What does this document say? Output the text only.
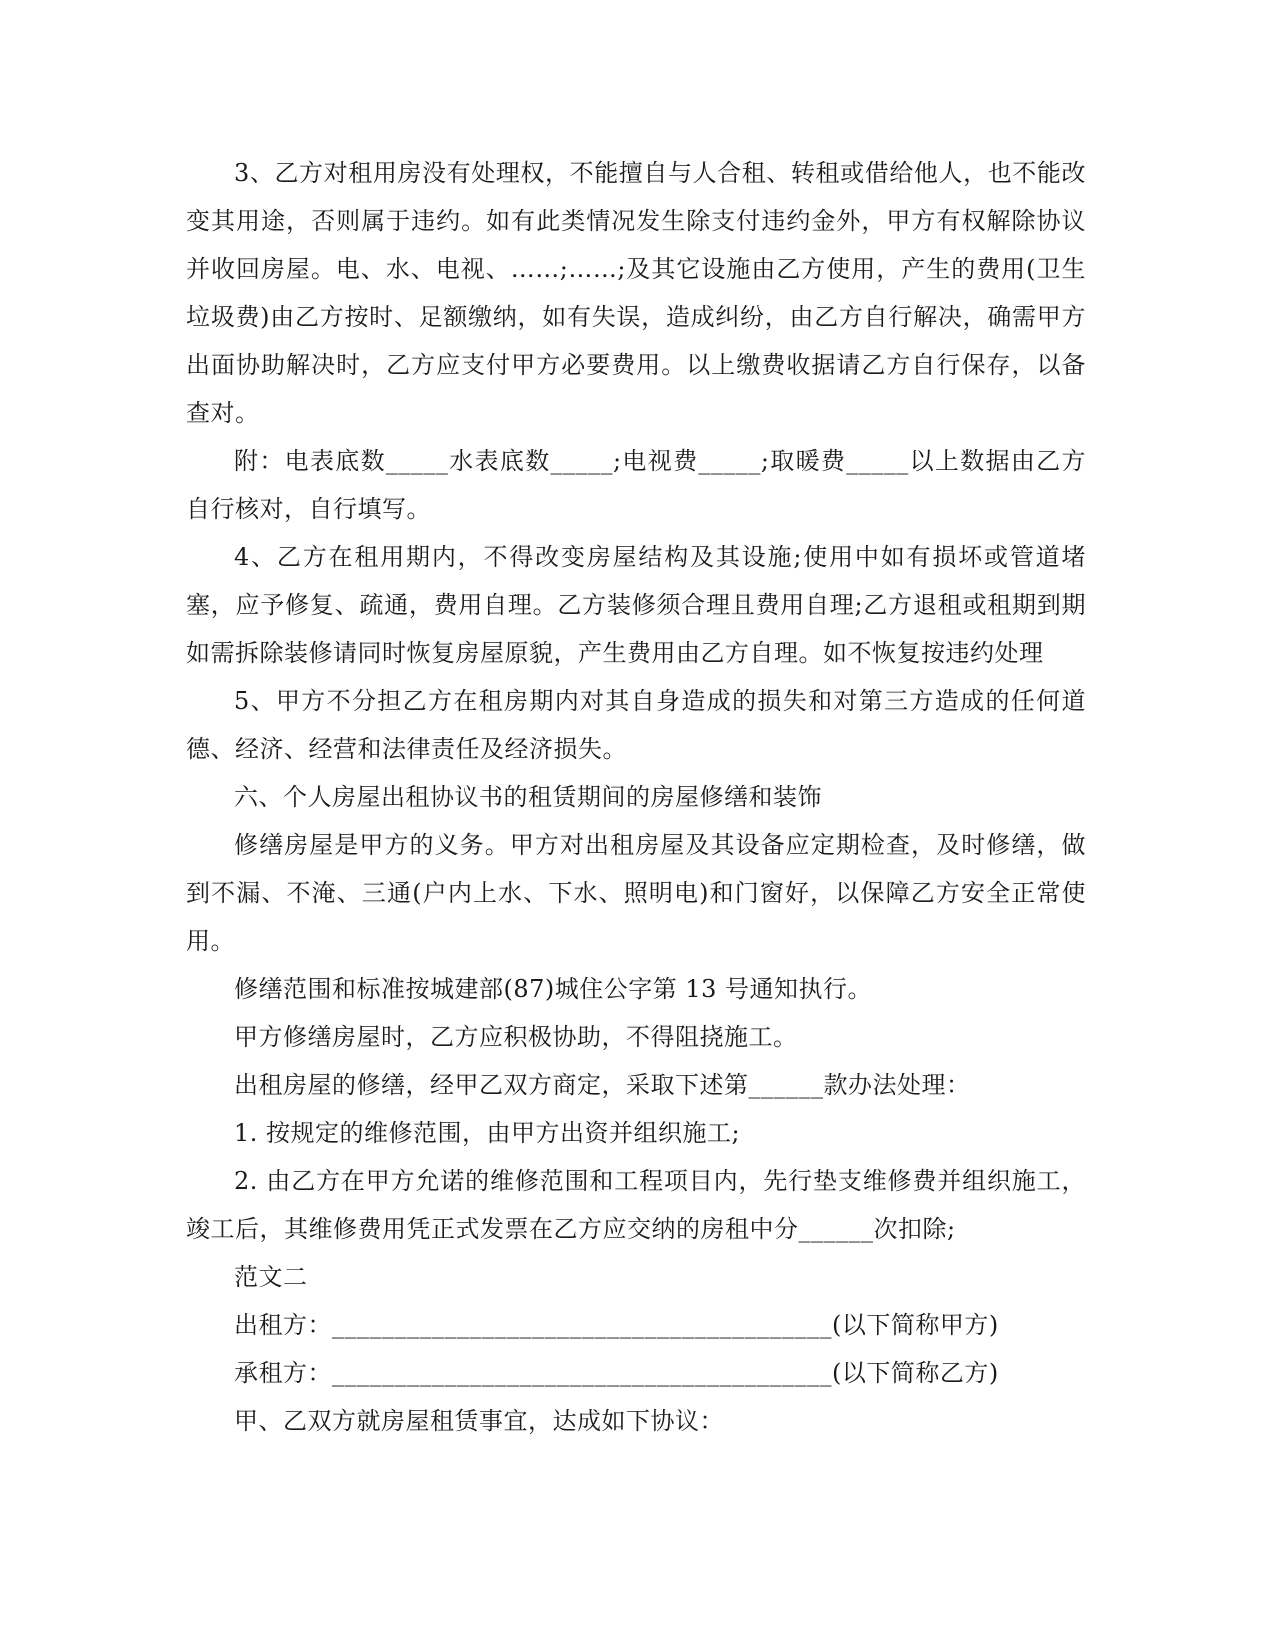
3、乙方对租用房没有处理权，不能擅自与人合租、转租或借给他人，也不能改变其用途，否则属于违约。如有此类情况发生除支付违约金外，甲方有权解除协议并收回房屋。电、水、电视、……;……;及其它设施由乙方使用，产生的费用(卫生垃圾费)由乙方按时、足额缴纳，如有失误，造成纠纷，由乙方自行解决，确需甲方出面协助解决时，乙方应支付甲方必要费用。以上缴费收据请乙方自行保存，以备查对。

附：电表底数_____水表底数_____;电视费_____;取暖费_____以上数据由乙方自行核对，自行填写。

4、乙方在租用期内，不得改变房屋结构及其设施;使用中如有损坏或管道堵塞，应予修复、疏通，费用自理。乙方装修须合理且费用自理;乙方退租或租期到期如需拆除装修请同时恢复房屋原貌，产生费用由乙方自理。如不恢复按违约处理

5、甲方不分担乙方在租房期内对其自身造成的损失和对第三方造成的任何道德、经济、经营和法律责任及经济损失。

六、个人房屋出租协议书的租赁期间的房屋修缮和装饰

修缮房屋是甲方的义务。甲方对出租房屋及其设备应定期检查，及时修缮，做到不漏、不淹、三通(户内上水、下水、照明电)和门窗好，以保障乙方安全正常使用。

修缮范围和标准按城建部(87)城住公字第 13 号通知执行。

甲方修缮房屋时，乙方应积极协助，不得阻挠施工。

出租房屋的修缮，经甲乙双方商定，采取下述第______款办法处理：

1. 按规定的维修范围，由甲方出资并组织施工;

2. 由乙方在甲方允诺的维修范围和工程项目内，先行垫支维修费并组织施工，竣工后，其维修费用凭正式发票在乙方应交纳的房租中分______次扣除;

范文二

出租方：________________________________________(以下简称甲方)

承租方：________________________________________(以下简称乙方)

甲、乙双方就房屋租赁事宜，达成如下协议：
